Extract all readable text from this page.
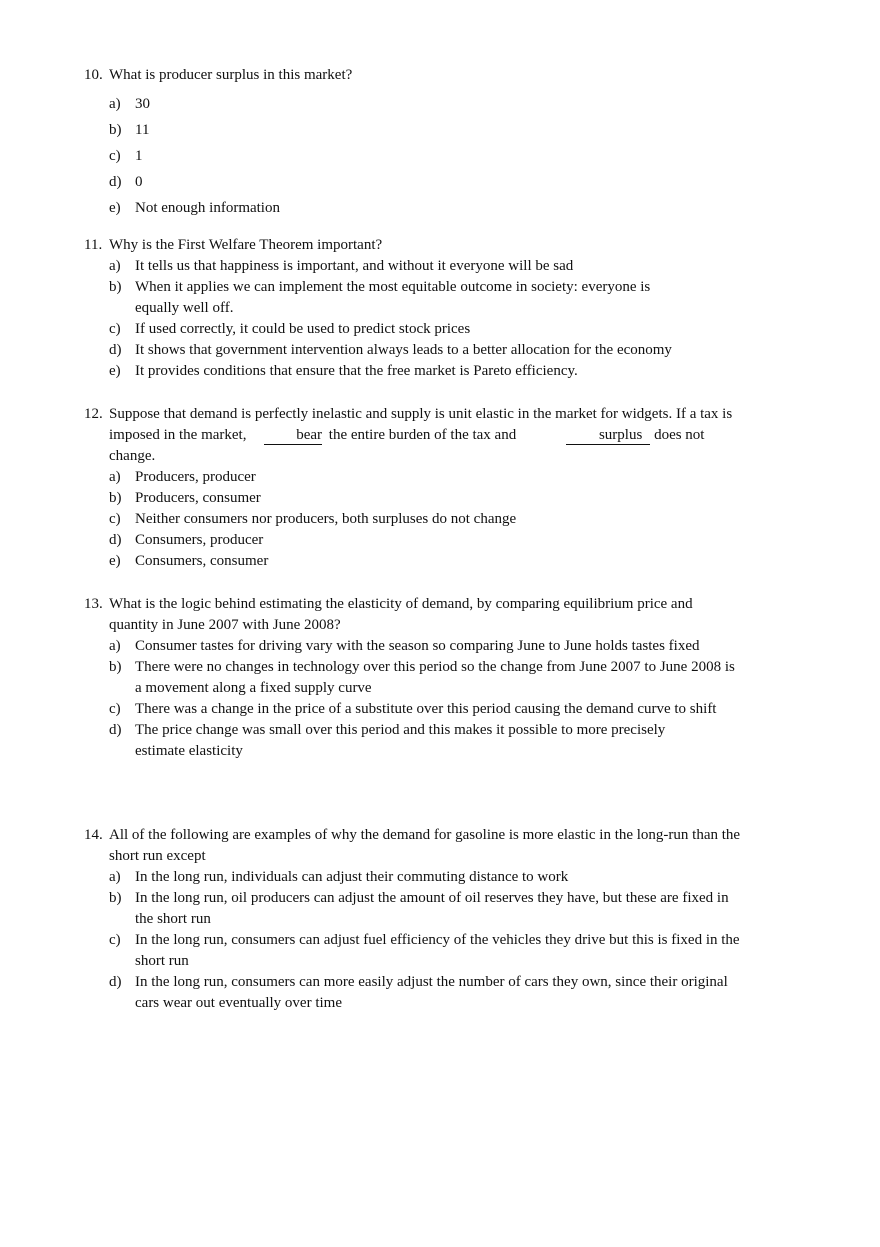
10. What is producer surplus in this market?
a) 30
b) 11
c) 1
d) 0
e) Not enough information
11. Why is the First Welfare Theorem important?
a) It tells us that happiness is important, and without it everyone will be sad
b) When it applies we can implement the most equitable outcome in society: everyone is equally well off.
c) If used correctly, it could be used to predict stock prices
d) It shows that government intervention always leads to a better allocation for the economy
e) It provides conditions that ensure that the free market is Pareto efficiency.
12. Suppose that demand is perfectly inelastic and supply is unit elastic in the market for widgets. If a tax is imposed in the market,	bear the entire burden of the tax and	surplus does not change.
a) Producers, producer
b) Producers, consumer
c) Neither consumers nor producers, both surpluses do not change
d) Consumers, producer
e) Consumers, consumer
13. What is the logic behind estimating the elasticity of demand, by comparing equilibrium price and quantity in June 2007 with June 2008?
a) Consumer tastes for driving vary with the season so comparing June to June holds tastes fixed
b) There were no changes in technology over this period so the change from June 2007 to June 2008 is a movement along a fixed supply curve
c) There was a change in the price of a substitute over this period causing the demand curve to shift
d) The price change was small over this period and this makes it possible to more precisely estimate elasticity
14. All of the following are examples of why the demand for gasoline is more elastic in the long-run than the short run except
a) In the long run, individuals can adjust their commuting distance to work
b) In the long run, oil producers can adjust the amount of oil reserves they have, but these are fixed in the short run
c) In the long run, consumers can adjust fuel efficiency of the vehicles they drive but this is fixed in the short run
d) In the long run, consumers can more easily adjust the number of cars they own, since their original cars wear out eventually over time
